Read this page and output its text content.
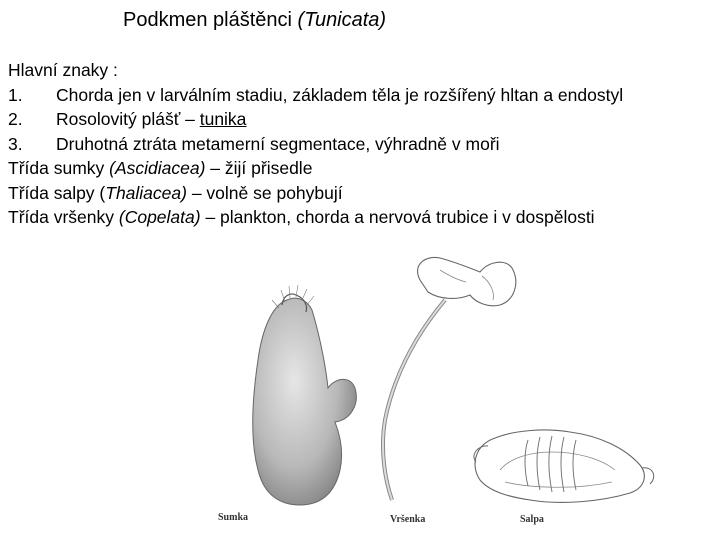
Podkmen pláštěnci (Tunicata)
Hlavní znaky :
1. Chorda jen v larválním stadiu, základem těla je rozšířený hltan a endostyl
2. Rosolovitý plášť – tunika
3. Druhotná ztráta metamerní segmentace, výhradně v moři
Třída sumky (Ascidiacea) – žijí přisedle
Třída salpy (Thaliacea) – volně se pohybují
Třída vršenky (Copelata) – plankton, chorda a nervová trubice i v dospělosti
Sumka	Vršenka	Salpa
